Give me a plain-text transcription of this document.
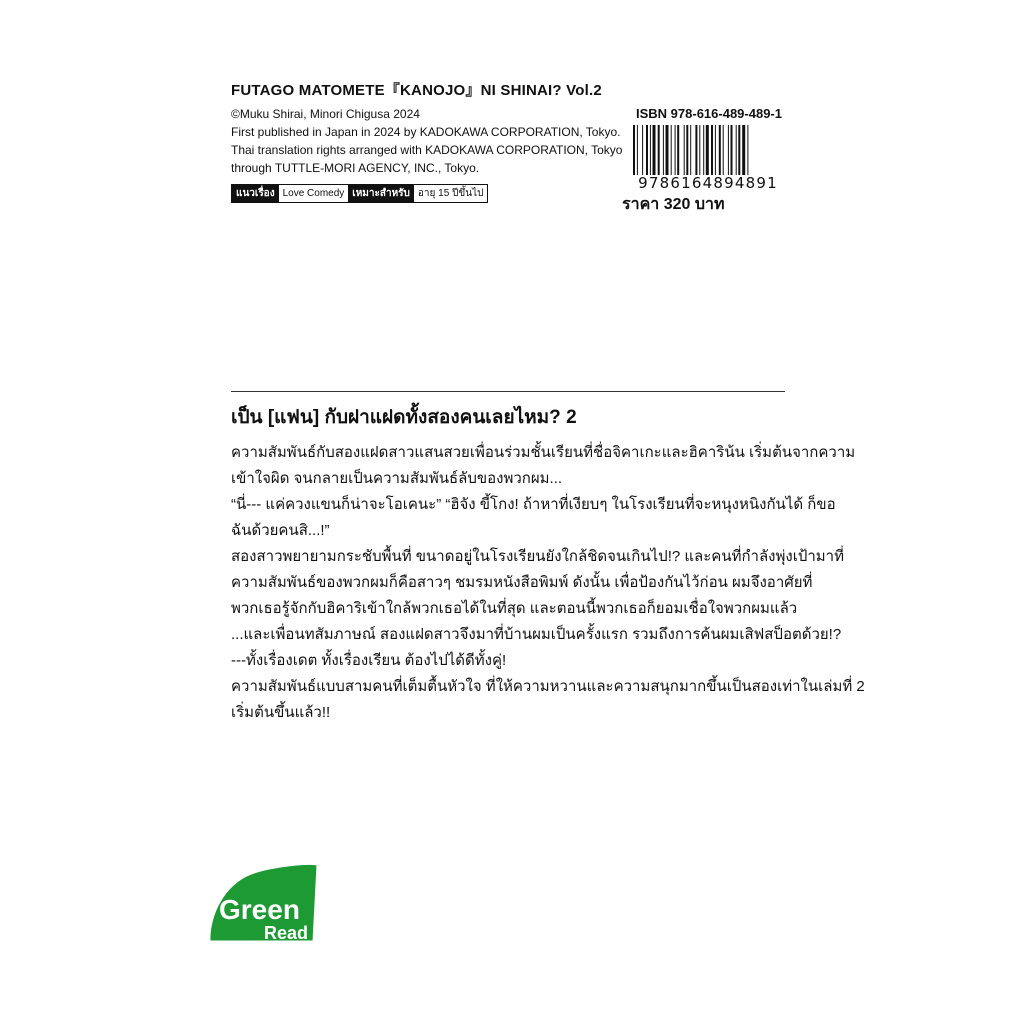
FUTAGO MATOMETE『KANOJO』NI SHINAI? Vol.2
©Muku Shirai, Minori Chigusa 2024
First published in Japan in 2024 by KADOKAWA CORPORATION, Tokyo.
Thai translation rights arranged with KADOKAWA CORPORATION, Tokyo
through TUTTLE-MORI AGENCY, INC., Tokyo.
แนวเรื่อง Love Comedy เหมาะสำหรับ อายุ 15 ปีขึ้นไป
ISBN 978-616-489-489-1
9786164894891
ราคา 320 บาท
เป็น [แฟน] กับฝาแฝดทั้งสองคนเลยไหม? 2
ความสัมพันธ์กับสองแฝดสาวแสนสวยเพื่อนร่วมชั้นเรียนที่ชื่อจิคาเกะและฮิคาริน้น เริ่มต้นจากความ
เข้าใจผิด จนกลายเป็นความสัมพันธ์ลับของพวกผม...
“นี่--- แค่ควงแขนก็น่าจะโอเคนะ” “ฮิจัง ขี้โกง! ถ้าหาที่เงียบๆ ในโรงเรียนที่จะหนุงหนิงกันได้ ก็ขอ
ฉันด้วยคนสิ...!”
สองสาวพยายามกระชับพื้นที่ ขนาดอยู่ในโรงเรียนยังใกล้ชิดจนเกินไป!? และคนที่กำลังพุ่งเป้ามาที่
ความสัมพันธ์ของพวกผมก็คือสาวๆ ชมรมหนังสือพิมพ์ ดังนั้น เพื่อป้องกันไว้ก่อน ผมจึงอาศัยที่
พวกเธอรู้จักกับฮิคาริเข้าใกล้พวกเธอได้ในที่สุด และตอนนี้พวกเธอก็ยอมเชื่อใจพวกผมแล้ว
...และเพื่อนทสัมภาษณ์ สองแฝดสาวจึงมาที่บ้านผมเป็นครั้งแรก รวมถึงการค้นผมเสิฟสป็อตด้วย!?
---ทั้งเรื่องเดต ทั้งเรื่องเรียน ต้องไปได้ดีทั้งคู่!
ความสัมพันธ์แบบสามคนที่เต็มตื้นหัวใจ ที่ให้ความหวานและความสนุกมากขึ้นเป็นสองเท่าในเล่มที่ 2
เริ่มต้นขึ้นแล้ว!!
Green
Read
